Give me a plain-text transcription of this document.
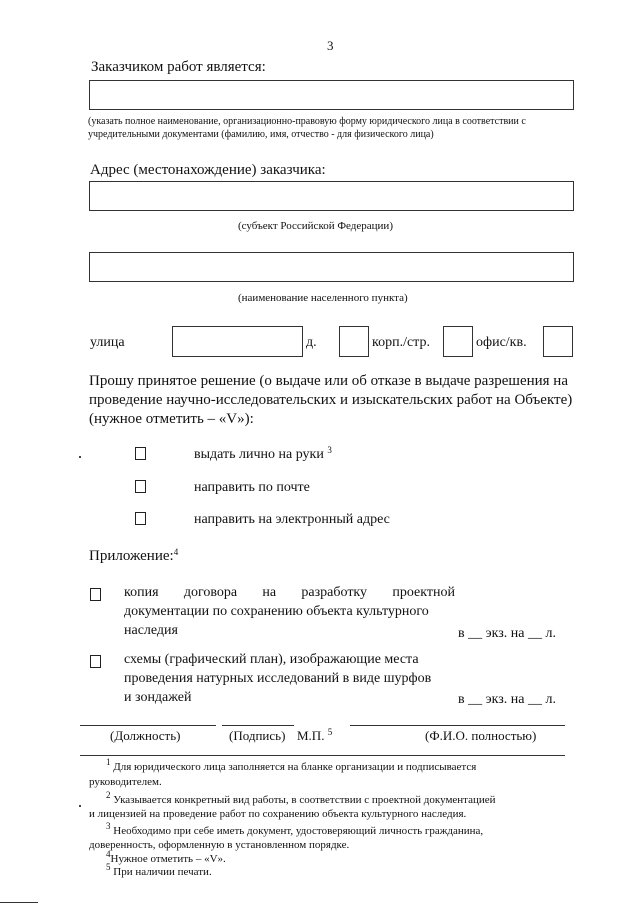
3
Заказчиком работ является:
(указать полное наименование, организационно-правовую форму юридического лица в соответствии с
учредительными документами (фамилию, имя, отчество - для физического лица)
Адрес (местонахождение) заказчика:
(субъект Российской Федерации)
(наименование населенного пункта)
улица	д.	корп./стр.	офис/кв.
Прошу принятое решение (о выдаче или об отказе в выдаче разрешения на
проведение научно-исследовательских и изыскательских работ на Объекте)
(нужное отметить – «V»):
выдать лично на руки $^3$
направить по почте
направить на электронный адрес
Приложение:$^4$
копия договора на разработку проектной
документации по сохранению объекта культурного
наследия	в __ экз. на __ л.
схемы (графический план), изображающие места
проведения натурных исследований в виде шурфов
и зондажей	в __ экз. на __ л.
(Должность)	(Подпись) М.П. $^5$	(Ф.И.О. полностью)
$^1$ Для юридического лица заполняется на бланке организации и подписывается
руководителем.
$^2$ Указывается конкретный вид работы, в соответствии с проектной документацией
и лицензией на проведение работ по сохранению объекта культурного наследия.
$^3$ Необходимо при себе иметь документ, удостоверяющий личность гражданина,
доверенность, оформленную в установленном порядке.
$^4$Нужное отметить – «V».
$^5$ При наличии печати.
